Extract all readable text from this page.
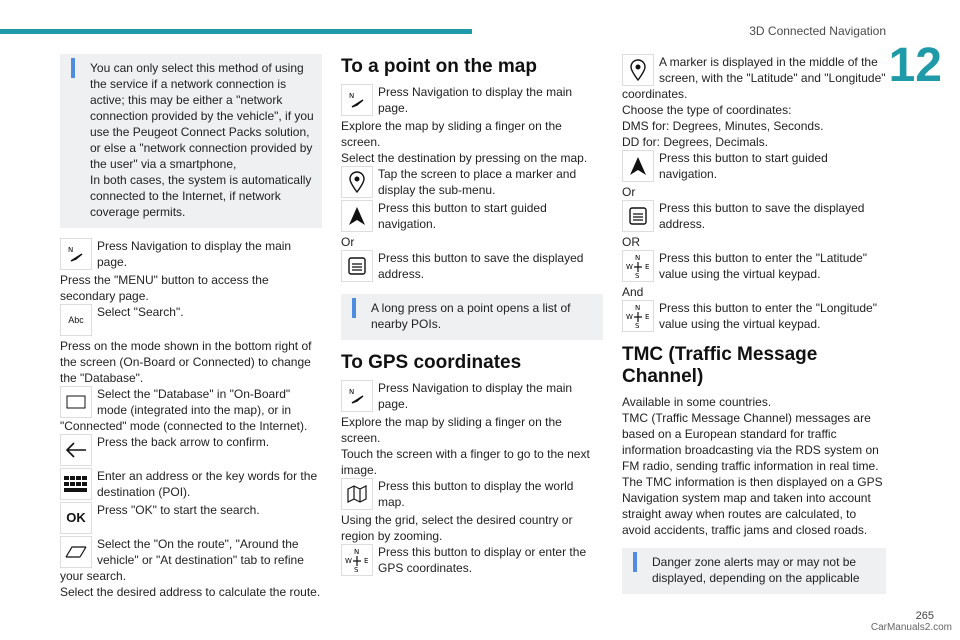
3D Connected Navigation
12

You can only select this method of using the service if a network connection is active; this may be either a "network connection provided by the vehicle", if you use the Peugeot Connect Packs solution, or else a "network connection provided by the user" via a smartphone,

In both cases, the system is automatically connected to the Internet, if network coverage permits.

N	Press Navigation to display the main page.

Press the "MENU" button to access the secondary page.

Abc

Select "Search".

Press on the mode shown in the bottom right of the screen (On-Board or Connected) to change the "Database".

Select the "Database" in "On-Board" mode (integrated into the map), or in "Connected" mode (connected to the Internet).

Press the back arrow to confirm.

Enter an address or the key words for the destination (POI).

OK Press "OK" to start the search.

Select the "On the route", "Around the vehicle" or "At destination" tab to refine your search.

Select the desired address to calculate the route.

To a point on the map
N	Press Navigation to display the main page.

Explore the map by sliding a finger on the screen.

Select the destination by pressing on the map.

Tap the screen to place a marker and display the sub-menu.

Press this button to start guided navigation.

Or

Press this button to save the displayed address.

A long press on a point opens a list of nearby POIs.

To GPS coordinates
N	Press Navigation to display the main page.

Explore the map by sliding a finger on the screen.

Touch the screen with a finger to go to the next image.

Press this button to display the world map.

Using the grid, select the desired country or region by zooming.

N
W E
S

Press this button to display or enter the GPS coordinates.

A marker is displayed in the middle of the screen, with the "Latitude" and "Longitude" coordinates.

Choose the type of coordinates:

DMS for: Degrees, Minutes, Seconds.

DD for: Degrees, Decimals.

Press this button to start guided navigation.

Or

Press this button to save the displayed address.

OR

N
W E
S

Press this button to enter the "Latitude" value using the virtual keypad.

And

N
W E
S

Press this button to enter the "Longitude" value using the virtual keypad.

TMC (Traffic Message Channel)

Available in some countries.

TMC (Traffic Message Channel) messages are based on a European standard for traffic information broadcasting via the RDS system on FM radio, sending traffic information in real time. The TMC information is then displayed on a GPS Navigation system map and taken into account straight away when routes are calculated, to avoid accidents, traffic jams and closed roads.

Danger zone alerts may or may not be displayed, depending on the applicable

265
CarManuals2.com
